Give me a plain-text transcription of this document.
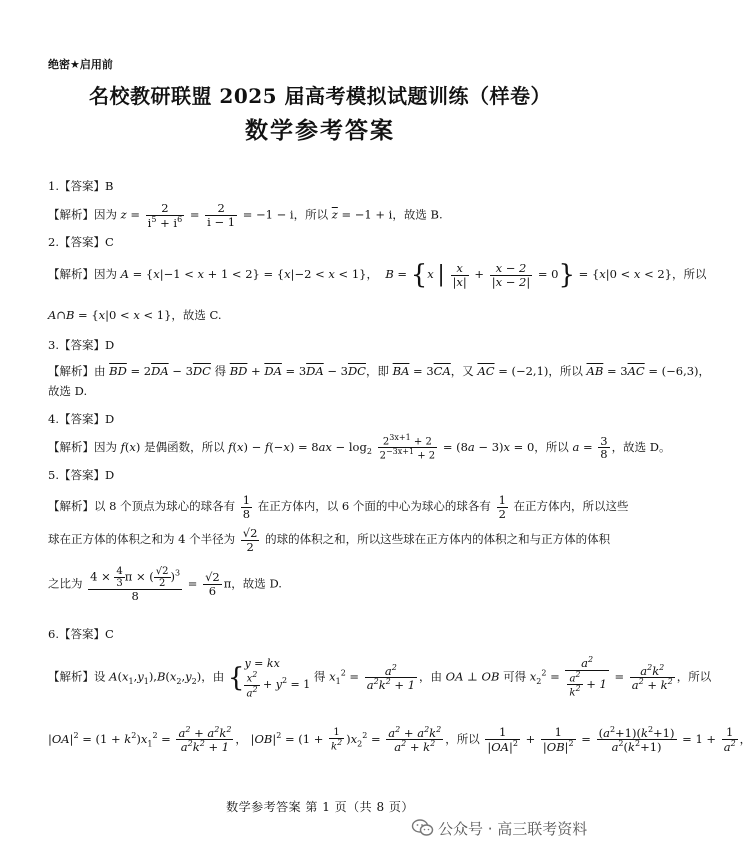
绝密★启用前
名校教研联盟 2025 届高考模拟试题训练（样卷）
数学参考答案
1.【答案】B
【解析】因为 $z = \frac{2}{i^5 + i^6} = \frac{2}{i - 1} = -1 - i$，所以 $\overline{z} = -1 + i$，故选 B.
2.【答案】C
【解析】因为 A = {x|−1 < x + 1 < 2} = {x|−2 < x < 1}，  B = {x | $\frac{x}{|x|} + \frac{x - 2}{|x - 2|} = 0\} = \{x|0 < x < 2\}$，所以
A∩B = {x|0 < x < 1}，故选 C.
3.【答案】D
【解析】由 $\overline{BD} = 2\overline{DA} - 3\overline{DC}$ 得 $\overline{BD} + \overline{DA} = 3\overline{DA} - 3\overline{DC}$，即 $\overline{BA} = 3\overline{CA}$，又 $\overline{AC} = (-2,1)$，所以 $\overline{AB} = 3\overline{AC} = (-6,3)$，
故选 D.
4.【答案】D
【解析】因为 f(x) 是偶函数，所以 $f(x) - f(-x) = 8ax - \log_2 \frac{2^{3x+1} + 2}{2^{-3x+1} + 2} = (8a - 3)x = 0$，所以 $a = \frac{3}{8}$ ，故选 D。
5.【答案】D
【解析】以 8 个顶点为球心的球各有 $\frac{1}{8}$ 在正方体内，以 6 个面的中心为球心的球各有 $\frac{1}{2}$ 在正方体内，所以这些
球在正方体的体积之和为 4 个半径为 $\frac{√2}{2}$ 的球的体积之和，所以这些球在正方体内的体积之和与正方体的体积
之比为 $\frac{4 \times \frac{4}{3} \pi \times ( \frac{√2}{2} )^3}{8} = \frac{√2}{6}$ π，故选 D.
6.【答案】C
【解析】设 $A(x_1,y_1),B(x_2,y_2)$，由 {y = kx

$\frac{x^2}{a^2} + y^2 = 1$ 得 $x_1^2 = \frac{a^2}{a^2k^2 + 1}$ ，由 OA ⊥ OB 可得 $x_2^2 = \frac{a^2}{\frac{a^2}{k^2} + 1} = \frac{a^2k^2}{a^2 + k^2}$ ，所以
$|OA|^2 = (1 + k^2)x_1^2 = \frac{a^2 + a^2k^2}{a^2k^2 + 1}$ ， $|OB|^2 = (1 + \frac{1}{k^2} )x_2^2 = \frac{a^2 + a^2k^2}{a^2 + k^2}$ ，所以 $\frac{1}{|OA|^2} + \frac{1}{|OB|^2} = \frac{(a^2+1)(k^2+1)}{a^2(k^2+1)} = 1 + \frac{1}{a^2}$ ，
数学参考答案 第 1 页（共 8 页）
公众号 · 高三联考资料
